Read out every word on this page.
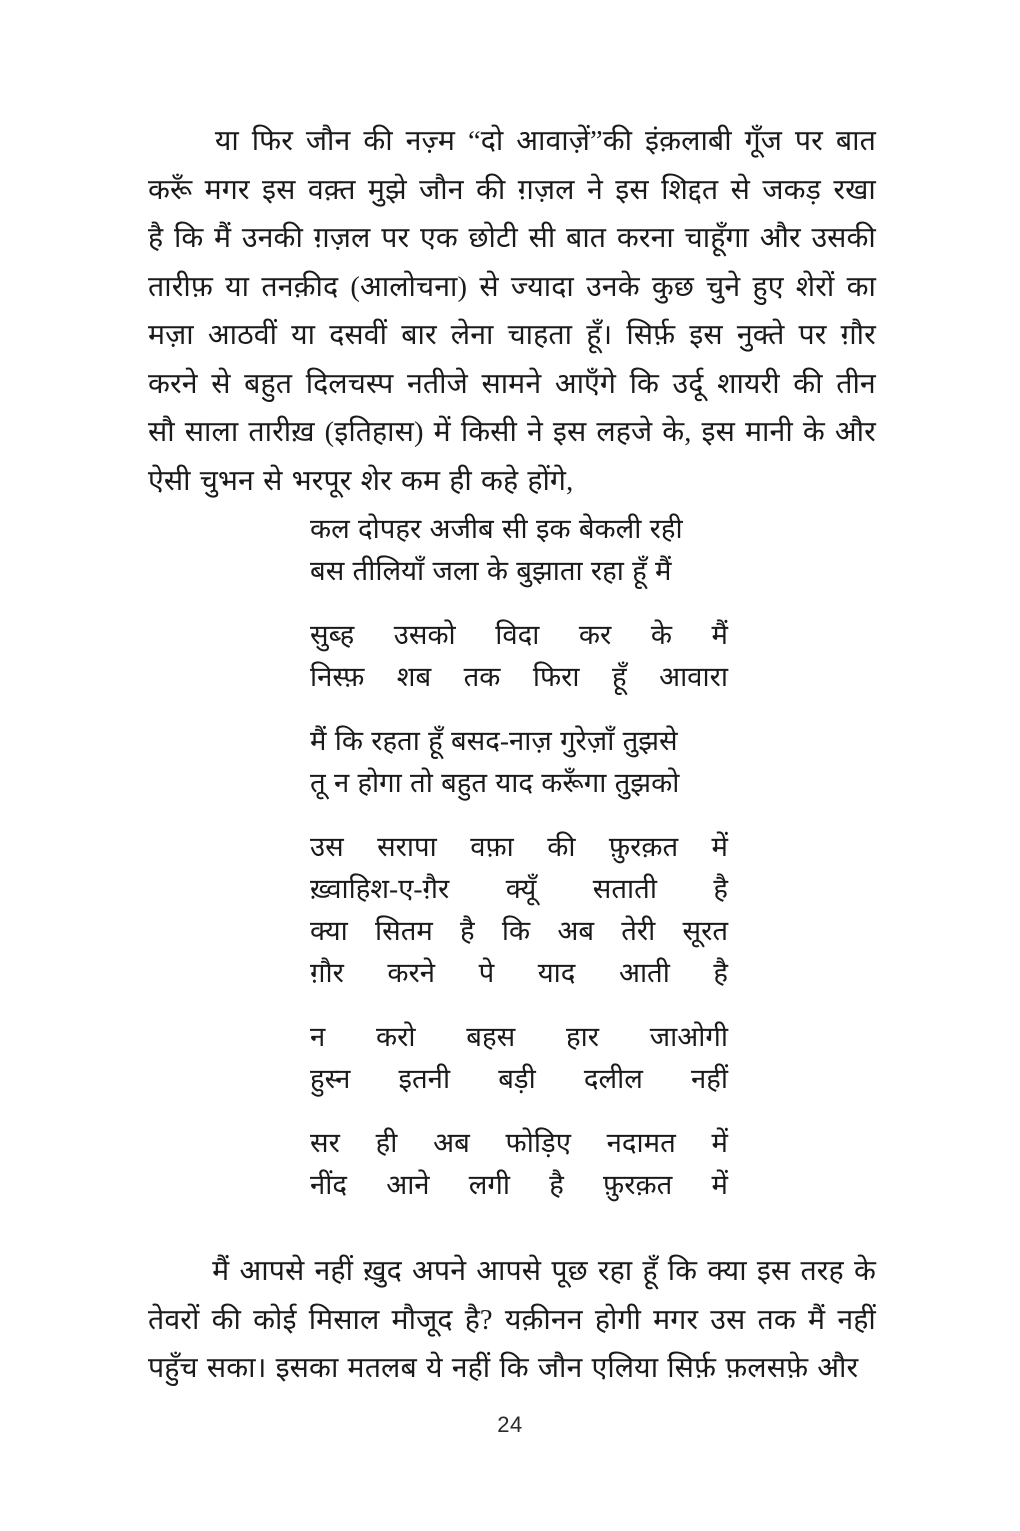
या फिर जौन की नज़्म “दो आवाज़ें”की इंक़लाबी गूँज पर बात
करूँ मगर इस वक़्त मुझे जौन की ग़ज़ल ने इस शिद्दत से जकड़ रखा
है कि मैं उनकी ग़ज़ल पर एक छोटी सी बात करना चाहूँगा और उसकी
तारीफ़ या तनक़ीद (आलोचना) से ज्यादा उनके कुछ चुने हुए शेरों का
मज़ा आठवीं या दसवीं बार लेना चाहता हूँ। सिर्फ़ इस नुक्ते पर ग़ौर
करने से बहुत दिलचस्प नतीजे सामने आएँगे कि उर्दू शायरी की तीन
सौ साला तारीख़ (इतिहास) में किसी ने इस लहजे के, इस मानी के और
ऐसी चुभन से भरपूर शेर कम ही कहे होंगे,
कल दोपहर अजीब सी इक बेकली रही
बस तीलियाँ जला के बुझाता रहा हूँ मैं
सुब्ह उसको विदा कर के मैं
निस्फ़ शब तक फिरा हूँ आवारा
मैं कि रहता हूँ बसद-नाज़ गुरेज़ाँ तुझसे
तू न होगा तो बहुत याद करूँगा तुझको
उस सरापा वफ़ा की फ़ुरक़त में
ख़्वाहिश-ए-ग़ैर क्यूँ सताती है
क्या सितम है कि अब तेरी सूरत
ग़ौर करने पे याद आती है
न करो बहस हार जाओगी
हुस्न इतनी बड़ी दलील नहीं
सर ही अब फोड़िए नदामत में
नींद आने लगी है फ़ुरक़त में
मैं आपसे नहीं ख़ुद अपने आपसे पूछ रहा हूँ कि क्या इस तरह के
तेवरों की कोई मिसाल मौजूद है? यक़ीनन होगी मगर उस तक मैं नहीं
पहुँच सका। इसका मतलब ये नहीं कि जौन एलिया सिर्फ़ फ़लसफ़े और
24
